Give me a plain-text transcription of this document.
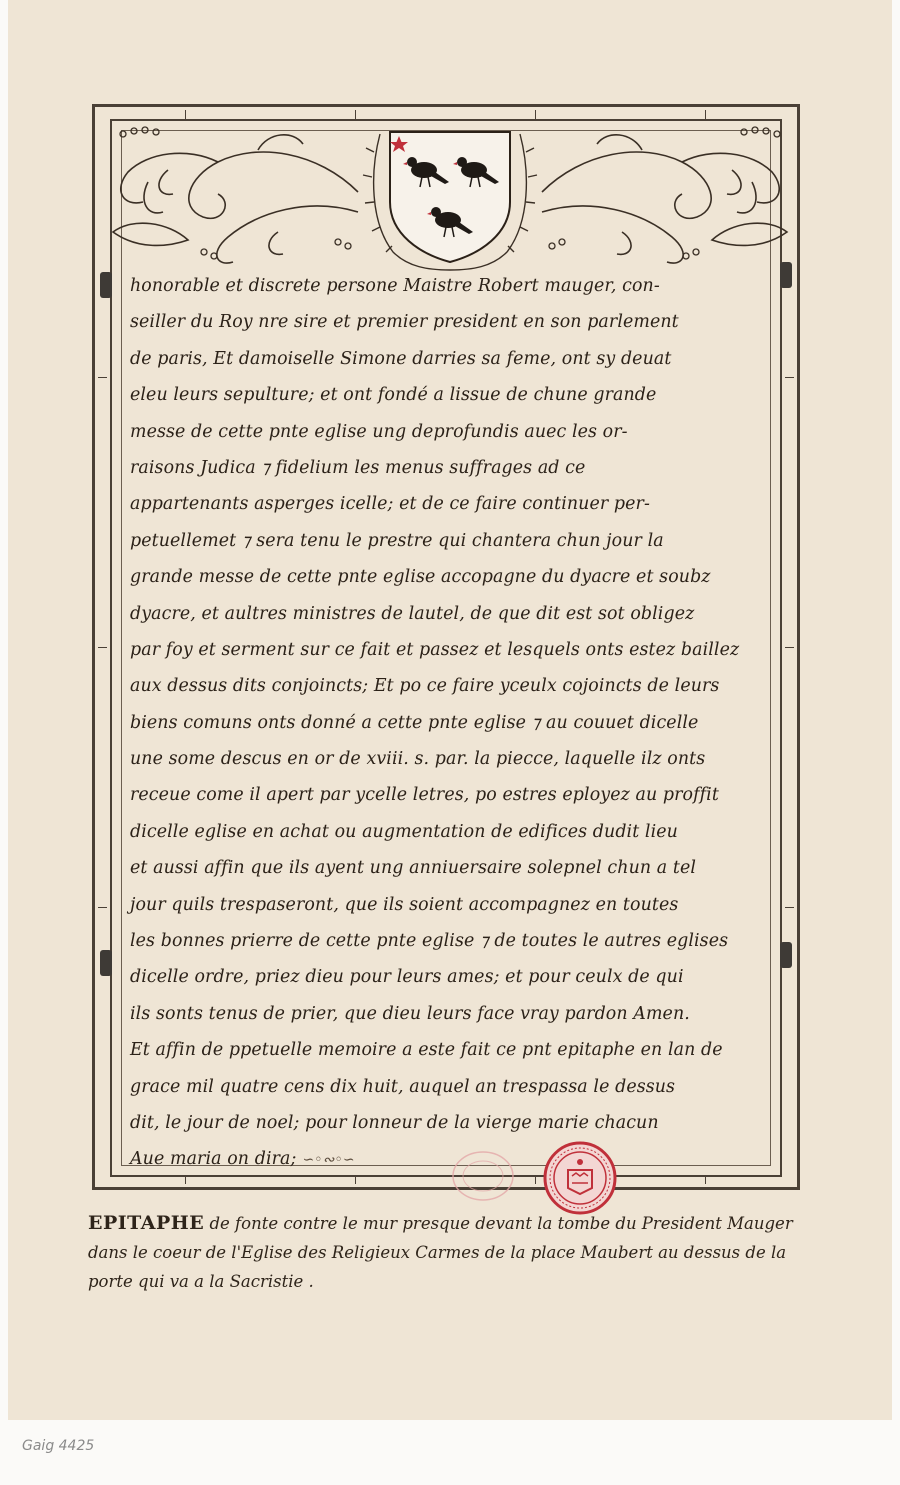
honorable et discrete persone Maistre Robert mauger, con-
seiller du Roy nre sire et premier president en son parlement
de paris, Et damoiselle Simone darries sa feme, ont sy deuat
eleu leurs sepulture; et ont fondé a lissue de chune grande
messe de cette pnte eglise ung deprofundis auec les or-
raisons Judica ⁊ fidelium les menus suffrages ad ce
appartenants asperges icelle; et de ce faire continuer per-
petuellemet ⁊ sera tenu le prestre qui chantera chun jour la
grande messe de cette pnte eglise accopagne du dyacre et soubz
dyacre, et aultres ministres de lautel, de que dit est sot obligez
par foy et serment sur ce fait et passez et lesquels onts estez baillez
aux dessus dits conjoincts; Et po ce faire yceulx cojoincts de leurs
biens comuns onts donné a cette pnte eglise ⁊ au couuet dicelle
une some descus en or de xviii. s. par. la piecce, laquelle ilz onts
receue come il apert par ycelle letres, po estres eployez au proffit
dicelle eglise en achat ou augmentation de edifices dudit lieu
et aussi affin que ils ayent ung anniuersaire solepnel chun a tel
jour quils trespaseront, que ils soient accompagnez en toutes
les bonnes prierre de cette pnte eglise ⁊ de toutes le autres eglises
dicelle ordre, priez dieu pour leurs ames; et pour ceulx de qui
ils sonts tenus de prier, que dieu leurs face vray pardon Amen.
Et affin de ppetuelle memoire a este fait ce pnt epitaphe en lan de
grace mil quatre cens dix huit, auquel an trespassa le dessus
dit, le jour de noel; pour lonneur de la vierge marie chacun
Aue maria on dira; ∽◦∾◦∽
EPITAPHE de fonte contre le mur presque devant la tombe du President Mauger dans le coeur de l'Eglise des Religieux Carmes de la place Maubert au dessus de la porte qui va a la Sacristie .
Gaig 4425
